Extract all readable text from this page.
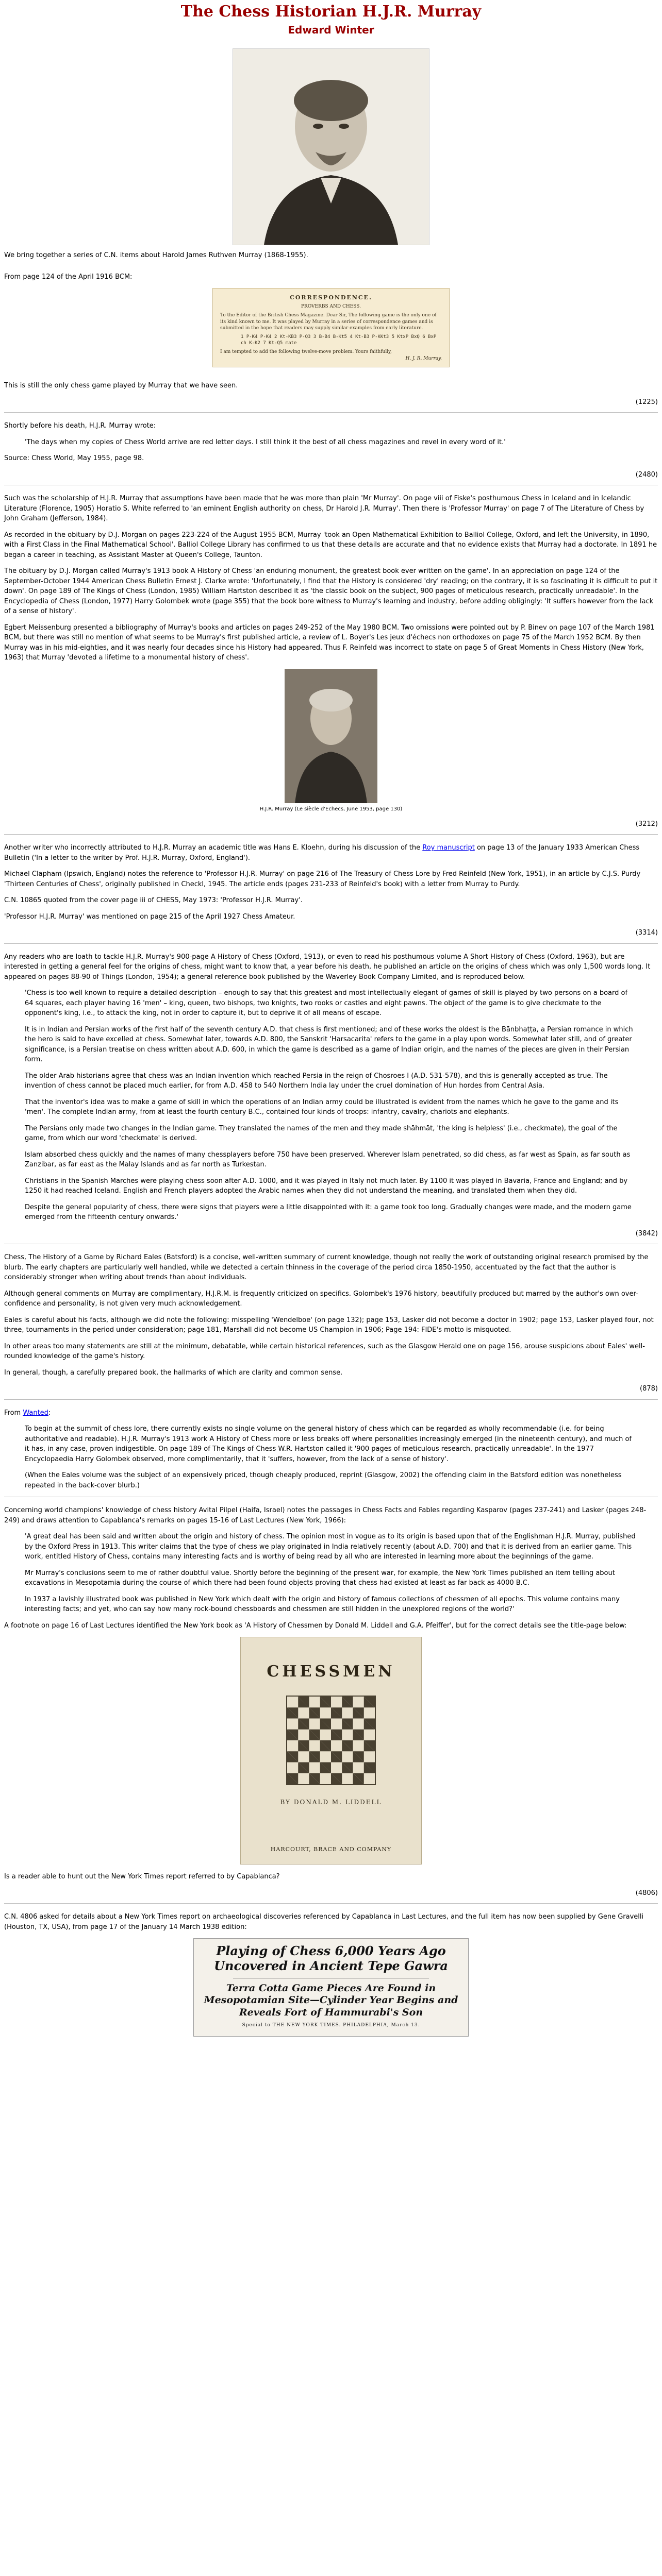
The Chess Historian H.J.R. Murray
Edward Winter

We bring together a series of C.N. items about Harold James Ruthven Murray (1868-1955).

From page 124 of the April 1916 BCM:

CORRESPONDENCE.
PROVERBS AND CHESS.
To the Editor of the British Chess Magazine. Dear Sir, The following game is the only one of its kind known to me. It was played by Murray in a series of correspondence games and is submitted in the hope that readers may supply similar examples from early literature.
1 P-K4 P-K4 2 Kt-KB3 P-Q3 3 B-B4 B-Kt5 4 Kt-B3 P-KKt3 5 KtxP BxQ 6 BxP ch K-K2 7 Kt-Q5 mate
I am tempted to add the following twelve-move problem. Yours faithfully,
H. J. R. Murray.

This is still the only chess game played by Murray that we have seen.

(1225)

Shortly before his death, H.J.R. Murray wrote:

'The days when my copies of Chess World arrive are red letter days. I still think it the best of all chess magazines and revel in every word of it.'

Source: Chess World, May 1955, page 98.

(2480)

Such was the scholarship of H.J.R. Murray that assumptions have been made that he was more than plain 'Mr Murray'. On page viii of Fiske's posthumous Chess in Iceland and in Icelandic Literature (Florence, 1905) Horatio S. White referred to 'an eminent English authority on chess, Dr Harold J.R. Murray'. Then there is 'Professor Murray' on page 7 of The Literature of Chess by John Graham (Jefferson, 1984).

As recorded in the obituary by D.J. Morgan on pages 223-224 of the August 1955 BCM, Murray 'took an Open Mathematical Exhibition to Balliol College, Oxford, and left the University, in 1890, with a First Class in the Final Mathematical School'. Balliol College Library has confirmed to us that these details are accurate and that no evidence exists that Murray had a doctorate. In 1891 he began a career in teaching, as Assistant Master at Queen's College, Taunton.

The obituary by D.J. Morgan called Murray's 1913 book A History of Chess 'an enduring monument, the greatest book ever written on the game'. In an appreciation on page 124 of the September-October 1944 American Chess Bulletin Ernest J. Clarke wrote: 'Unfortunately, I find that the History is considered 'dry' reading; on the contrary, it is so fascinating it is difficult to put it down'. On page 189 of The Kings of Chess (London, 1985) William Hartston described it as 'the classic book on the subject, 900 pages of meticulous research, practically unreadable'. In the Encyclopedia of Chess (London, 1977) Harry Golombek wrote (page 355) that the book bore witness to Murray's learning and industry, before adding obligingly: 'It suffers however from the lack of a sense of history'.

Egbert Meissenburg presented a bibliography of Murray's books and articles on pages 249-252 of the May 1980 BCM. Two omissions were pointed out by P. Binev on page 107 of the March 1981 BCM, but there was still no mention of what seems to be Murray's first published article, a review of L. Boyer's Les jeux d'échecs non orthodoxes on page 75 of the March 1952 BCM. By then Murray was in his mid-eighties, and it was nearly four decades since his History had appeared. Thus F. Reinfeld was incorrect to state on page 5 of Great Moments in Chess History (New York, 1963) that Murray 'devoted a lifetime to a monumental history of chess'.

H.J.R. Murray (Le siècle d'Echecs, June 1953, page 130)
(3212)

Another writer who incorrectly attributed to H.J.R. Murray an academic title was Hans E. Kloehn, during his discussion of the Roy manuscript on page 13 of the January 1933 American Chess Bulletin ('In a letter to the writer by Prof. H.J.R. Murray, Oxford, England').

Michael Clapham (Ipswich, England) notes the reference to 'Professor H.J.R. Murray' on page 216 of The Treasury of Chess Lore by Fred Reinfeld (New York, 1951), in an article by C.J.S. Purdy 'Thirteen Centuries of Chess', originally published in Checkl, 1945. The article ends (pages 231-233 of Reinfeld's book) with a letter from Murray to Purdy.

C.N. 10865 quoted from the cover page iii of CHESS, May 1973: 'Professor H.J.R. Murray'.

'Professor H.J.R. Murray' was mentioned on page 215 of the April 1927 Chess Amateur.

(3314)

Any readers who are loath to tackle H.J.R. Murray's 900-page A History of Chess (Oxford, 1913), or even to read his posthumous volume A Short History of Chess (Oxford, 1963), but are interested in getting a general feel for the origins of chess, might want to know that, a year before his death, he published an article on the origins of chess which was only 1,500 words long. It appeared on pages 88-90 of Things (London, 1954); a general reference book published by the Waverley Book Company Limited, and is reproduced below.

'Chess is too well known to require a detailed description – enough to say that this greatest and most intellectually elegant of games of skill is played by two persons on a board of 64 squares, each player having 16 'men' – king, queen, two bishops, two knights, two rooks or castles and eight pawns. The object of the game is to give checkmate to the opponent's king, i.e., to attack the king, not in order to capture it, but to deprive it of all means of escape.
It is in Indian and Persian works of the first half of the seventh century A.D. that chess is first mentioned; and of these works the oldest is the Bānbhaṭṭa, a Persian romance in which the hero is said to have excelled at chess. Somewhat later, towards A.D. 800, the Sanskrit 'Harsacarita' refers to the game in a play upon words. Somewhat later still, and of greater significance, is a Persian treatise on chess written about A.D. 600, in which the game is described as a game of Indian origin, and the names of the pieces are given in their Persian form.
The older Arab historians agree that chess was an Indian invention which reached Persia in the reign of Chosroes I (A.D. 531-578), and this is generally accepted as true. The invention of chess cannot be placed much earlier, for from A.D. 458 to 540 Northern India lay under the cruel domination of Hun hordes from Central Asia.
That the inventor's idea was to make a game of skill in which the operations of an Indian army could be illustrated is evident from the names which he gave to the game and its 'men'. The complete Indian army, from at least the fourth century B.C., contained four kinds of troops: infantry, cavalry, chariots and elephants.
The Persians only made two changes in the Indian game. They translated the names of the men and they made shāhmāt, 'the king is helpless' (i.e., checkmate), the goal of the game, from which our word 'checkmate' is derived.
Islam absorbed chess quickly and the names of many chessplayers before 750 have been preserved. Wherever Islam penetrated, so did chess, as far west as Spain, as far south as Zanzibar, as far east as the Malay Islands and as far north as Turkestan.
Christians in the Spanish Marches were playing chess soon after A.D. 1000, and it was played in Italy not much later. By 1100 it was played in Bavaria, France and England; and by 1250 it had reached Iceland. English and French players adopted the Arabic names when they did not understand the meaning, and translated them when they did.
Despite the general popularity of chess, there were signs that players were a little disappointed with it: a game took too long. Gradually changes were made, and the modern game emerged from the fifteenth century onwards.'
(3842)

Chess, The History of a Game by Richard Eales (Batsford) is a concise, well-written summary of current knowledge, though not really the work of outstanding original research promised by the blurb. The early chapters are particularly well handled, while we detected a certain thinness in the coverage of the period circa 1850-1950, accentuated by the fact that the author is considerably stronger when writing about trends than about individuals.

Although general comments on Murray are complimentary, H.J.R.M. is frequently criticized on specifics. Golombek's 1976 history, beautifully produced but marred by the author's own over-confidence and personality, is not given very much acknowledgement.

Eales is careful about his facts, although we did note the following: misspelling 'Wendelboe' (on page 132); page 153, Lasker did not become a doctor in 1902; page 153, Lasker played four, not three, tournaments in the period under consideration; page 181, Marshall did not become US Champion in 1906; Page 194: FIDE's motto is misquoted.

In other areas too many statements are still at the minimum, debatable, while certain historical references, such as the Glasgow Herald one on page 156, arouse suspicions about Eales' well-rounded knowledge of the game's history.

In general, though, a carefully prepared book, the hallmarks of which are clarity and common sense.

(878)

From Wanted:

To begin at the summit of chess lore, there currently exists no single volume on the general history of chess which can be regarded as wholly recommendable (i.e. for being authoritative and readable). H.J.R. Murray's 1913 work A History of Chess more or less breaks off where personalities increasingly emerged (in the nineteenth century), and much of it has, in any case, proven indigestible. On page 189 of The Kings of Chess W.R. Hartston called it '900 pages of meticulous research, practically unreadable'. In the 1977 Encyclopaedia Harry Golombek observed, more complimentarily, that it 'suffers, however, from the lack of a sense of history'.
(When the Eales volume was the subject of an expensively priced, though cheaply produced, reprint (Glasgow, 2002) the offending claim in the Batsford edition was nonetheless repeated in the back-cover blurb.)

Concerning world champions' knowledge of chess history Avital Pilpel (Haifa, Israel) notes the passages in Chess Facts and Fables regarding Kasparov (pages 237-241) and Lasker (pages 248-249) and draws attention to Capablanca's remarks on pages 15-16 of Last Lectures (New York, 1966):

'A great deal has been said and written about the origin and history of chess. The opinion most in vogue as to its origin is based upon that of the Englishman H.J.R. Murray, published by the Oxford Press in 1913. This writer claims that the type of chess we play originated in India relatively recently (about A.D. 700) and that it is derived from an earlier game. This work, entitled History of Chess, contains many interesting facts and is worthy of being read by all who are interested in learning more about the beginnings of the game.
Mr Murray's conclusions seem to me of rather doubtful value. Shortly before the beginning of the present war, for example, the New York Times published an item telling about excavations in Mesopotamia during the course of which there had been found objects proving that chess had existed at least as far back as 4000 B.C.
In 1937 a lavishly illustrated book was published in New York which dealt with the origin and history of famous collections of chessmen of all epochs. This volume contains many interesting facts; and yet, who can say how many rock-bound chessboards and chessmen are still hidden in the unexplored regions of the world?'

A footnote on page 16 of Last Lectures identified the New York book as 'A History of Chessmen by Donald M. Liddell and G.A. Pfeiffer', but for the correct details see the title-page below:

CHESSMEN
BY DONALD M. LIDDELL
HARCOURT, BRACE AND COMPANY

Is a reader able to hunt out the New York Times report referred to by Capablanca?

(4806)

C.N. 4806 asked for details about a New York Times report on archaeological discoveries referenced by Capablanca in Last Lectures, and the full item has now been supplied by Gene Gravelli (Houston, TX, USA), from page 17 of the January 14 March 1938 edition:

Playing of Chess 6,000 Years Ago Uncovered in Ancient Tepe Gawra
Terra Cotta Game Pieces Are Found in Mesopotamian Site—Cylinder Year Begins and Reveals Fort of Hammurabi's Son
Special to THE NEW YORK TIMES. PHILADELPHIA, March 13.
